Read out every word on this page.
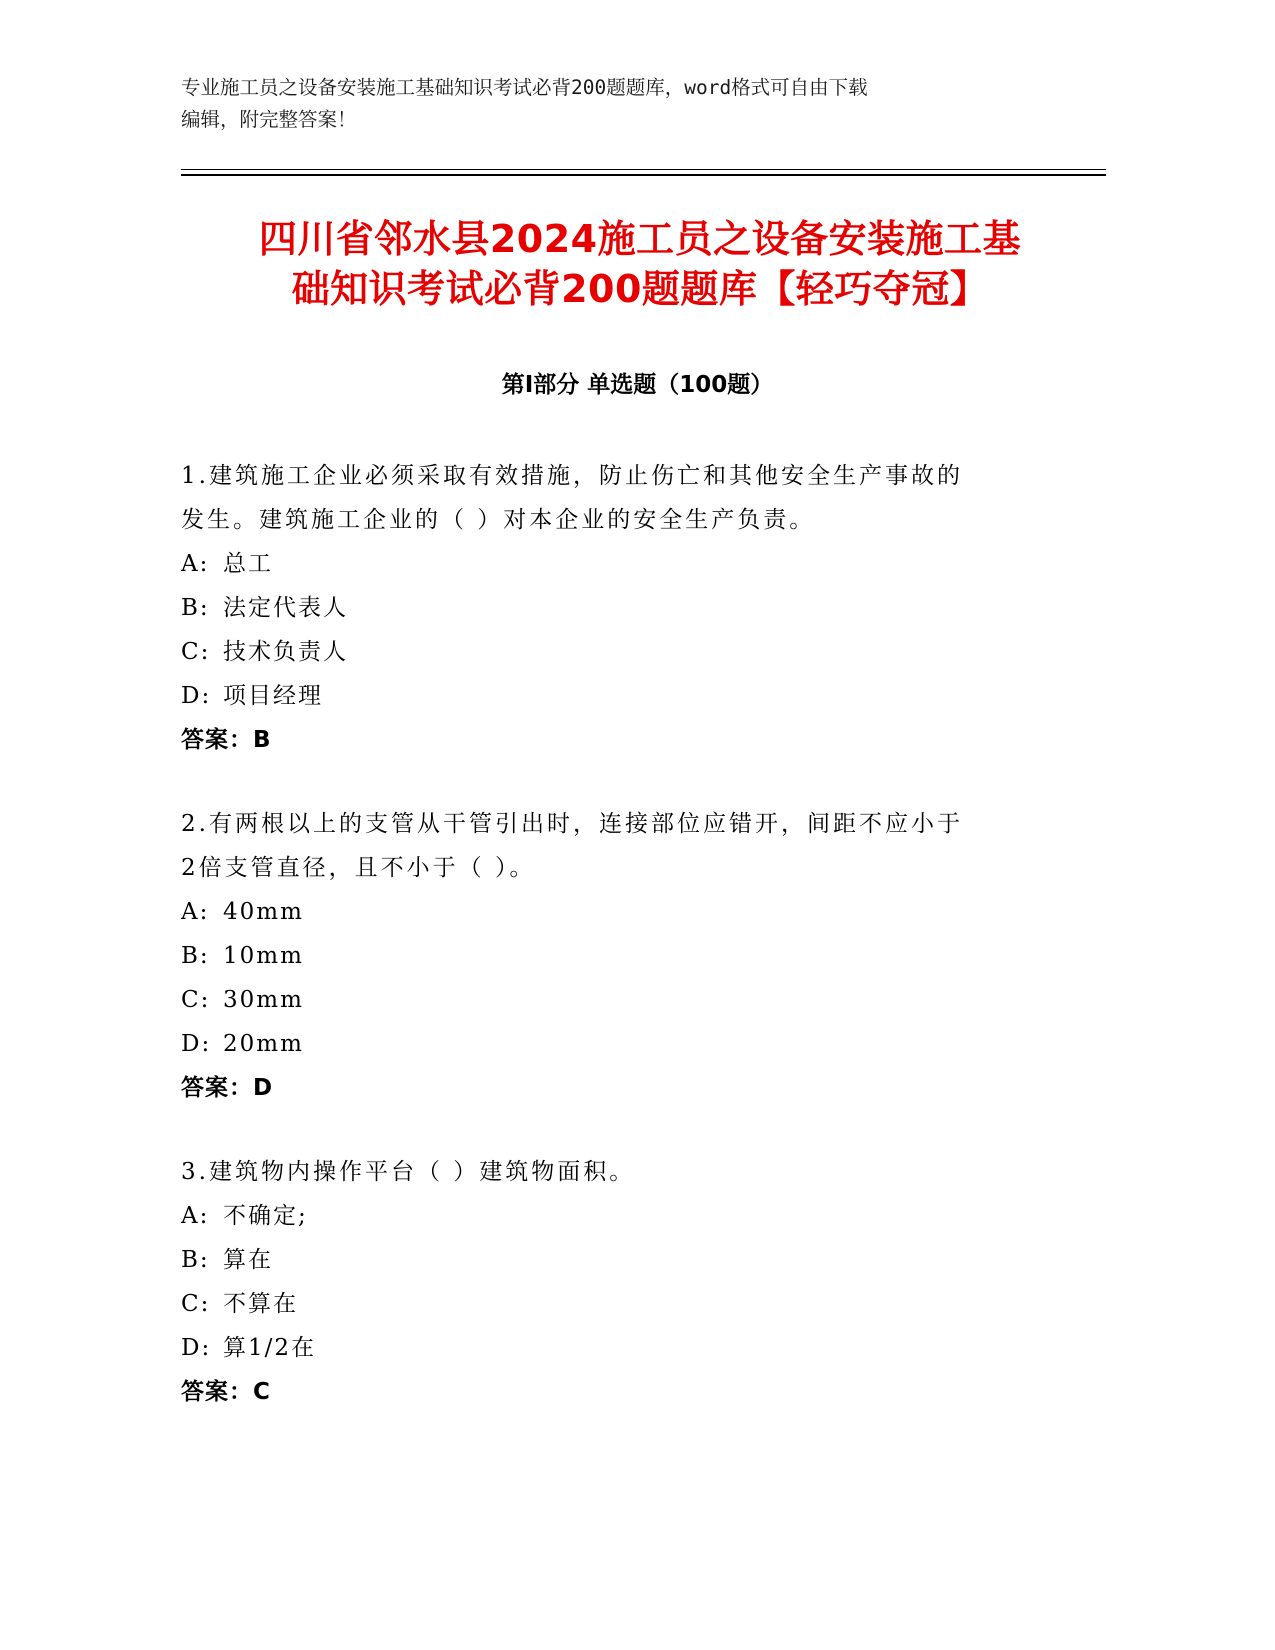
专业施工员之设备安装施工基础知识考试必背200题题库，word格式可自由下载
编辑，附完整答案！
四川省邻水县2024施工员之设备安装施工基
础知识考试必背200题题库【轻巧夺冠】
第Ⅰ部分 单选题（100题）
1.建筑施工企业必须采取有效措施，防止伤亡和其他安全生产事故的
发生。建筑施工企业的（ ）对本企业的安全生产负责。
A: 总工
B: 法定代表人
C: 技术负责人
D: 项目经理
答案：B
2.有两根以上的支管从干管引出时，连接部位应错开，间距不应小于
2倍支管直径，且不小于（ ）。
A: 40mm
B: 10mm
C: 30mm
D: 20mm
答案：D
3.建筑物内操作平台（ ）建筑物面积。
A: 不确定;
B: 算在
C: 不算在
D: 算1/2在
答案：C
